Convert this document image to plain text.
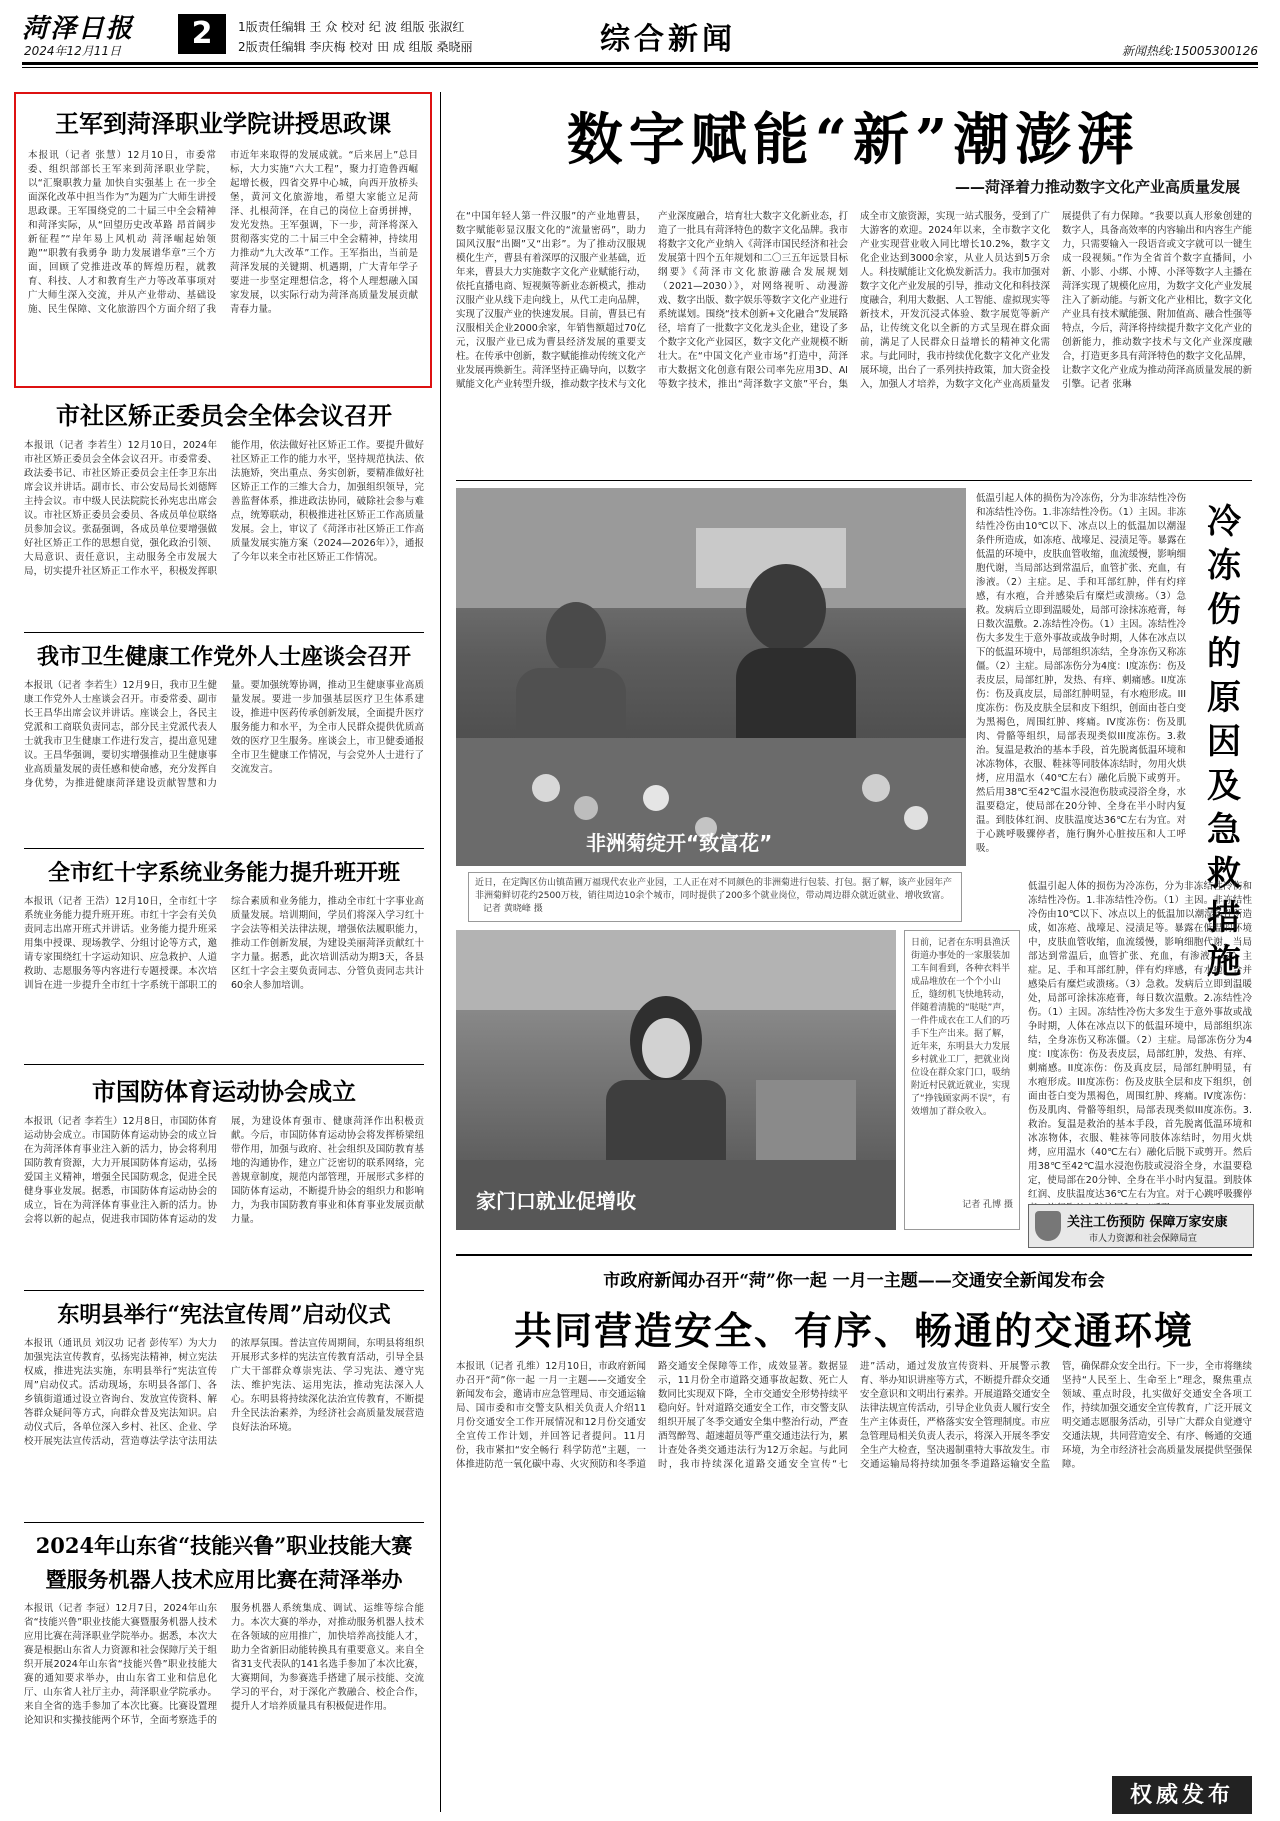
菏泽日报
2024年12月11日	2	1版责任编辑 王 众 校对 纪 波 组版 张淑红
2版责任编辑 李庆梅 校对 田 成 组版 桑晓丽	综合新闻	新闻热线:15005300126
王军到菏泽职业学院讲授思政课
本报讯（记者 张慧）12月10日，市委常委、组织部部长王军来到菏泽职业学院，以“汇聚职教力量 加快自实强基上 在一步全面深化改革中担当作为”为题为广大师生讲授思政课。王军围绕党的二十届三中全会精神和菏泽实际，从“回望历史改革路 昂首阔步新征程”“岸年易上风机动 菏泽崛起始领跑”“职教有我勇争 助力发展谱华章”三个方面，回顾了党推进改革的辉煌历程，就教育、科技、人才和教育生产力等改革事项对广大师生深入交流，并从产业带动、基础设施、民生保障、文化旅游四个方面介绍了我市近年来取得的发展成就。“后来居上”总目标，大力实施“六大工程”，聚力打造鲁西崛起增长极，四省交界中心城，向西开放桥头堡，黄河文化旅游地，希望大家能立足菏泽、扎根菏泽，在自己的岗位上奋勇拼搏，发光发热。王军强调，下一步，菏泽将深入贯彻落实党的二十届三中全会精神，持续用力推动“九大改革”工作。王军指出，当前是菏泽发展的关键期、机遇期，广大青年学子要进一步坚定理想信念，将个人理想融入国家发展，以实际行动为菏泽高质量发展贡献青春力量。
市社区矫正委员会全体会议召开
本报讯（记者 李若生）12月10日，2024年市社区矫正委员会全体会议召开。市委常委、政法委书记、市社区矫正委员会主任李卫东出席会议并讲话。副市长、市公安局局长刘德辉主持会议。市中级人民法院院长孙宪忠出席会议。市社区矫正委员会委员、各成员单位联络员参加会议。张磊强调，各成员单位要增强做好社区矫正工作的思想自觉，强化政治引领、大局意识、责任意识，主动服务全市发展大局，切实提升社区矫正工作水平，积极发挥职能作用，依法做好社区矫正工作。要提升做好社区矫正工作的能力水平，坚持规范执法、依法施矫，突出重点、务实创新，要精准做好社区矫正工作的三维大合力，加强组织领导，完善监督体系，推进政法协同，破除社会参与难点，统筹联动，积极推进社区矫正工作高质量发展。会上，审议了《菏泽市社区矫正工作高质量发展实施方案（2024—2026年）》，通报了今年以来全市社区矫正工作情况。
我市卫生健康工作党外人士座谈会召开
本报讯（记者 李若生）12月9日，我市卫生健康工作党外人士座谈会召开。市委常委、副市长王昌华出席会议并讲话。座谈会上，各民主党派和工商联负责同志，部分民主党派代表人士就我市卫生健康工作进行发言，提出意见建议。王昌华强调，要切实增强推动卫生健康事业高质量发展的责任感和使命感，充分发挥自身优势，为推进健康菏泽建设贡献智慧和力量。要加强统筹协调，推动卫生健康事业高质量发展。要进一步加强基层医疗卫生体系建设，推进中医药传承创新发展，全面提升医疗服务能力和水平，为全市人民群众提供优质高效的医疗卫生服务。座谈会上，市卫健委通报全市卫生健康工作情况，与会党外人士进行了交流发言。
全市红十字系统业务能力提升班开班
本报讯（记者 王浩）12月10日，全市红十字系统业务能力提升班开班。市红十字会有关负责同志出席开班式并讲话。业务能力提升班采用集中授课、现场教学、分组讨论等方式，邀请专家围绕红十字运动知识、应急救护、人道救助、志愿服务等内容进行专题授课。本次培训旨在进一步提升全市红十字系统干部职工的综合素质和业务能力，推动全市红十字事业高质量发展。培训期间，学员们将深入学习红十字会法等相关法律法规，增强依法履职能力，推动工作创新发展，为建设美丽菏泽贡献红十字力量。据悉，此次培训活动为期3天，各县区红十字会主要负责同志、分管负责同志共计60余人参加培训。
市国防体育运动协会成立
本报讯（记者 李若生）12月8日，市国防体育运动协会成立。市国防体育运动协会的成立旨在为菏泽体育事业注入新的活力，协会将利用国防教育资源，大力开展国防体育运动，弘扬爱国主义精神，增强全民国防观念，促进全民健身事业发展。据悉，市国防体育运动协会的成立，旨在为菏泽体育事业注入新的活力。协会将以新的起点，促进我市国防体育运动的发展，为建设体育强市、健康菏泽作出积极贡献。今后，市国防体育运动协会将发挥桥梁纽带作用，加强与政府、社会组织及国防教育基地的沟通协作，建立广泛密切的联系网络，完善规章制度，规范内部管理，开展形式多样的国防体育运动，不断提升协会的组织力和影响力，为我市国防教育事业和体育事业发展贡献力量。
东明县举行“宪法宣传周”启动仪式
本报讯（通讯员 刘汉功 记者 彭传军）为大力加强宪法宣传教育，弘扬宪法精神，树立宪法权威，推进宪法实施，东明县举行“宪法宣传周”启动仪式。活动现场，东明县各部门、各乡镇街道通过设立咨询台、发放宣传资料、解答群众疑问等方式，向群众普及宪法知识。启动仪式后，各单位深入乡村、社区、企业、学校开展宪法宣传活动，营造尊法学法守法用法的浓厚氛围。普法宣传周期间，东明县将组织开展形式多样的宪法宣传教育活动，引导全县广大干部群众尊崇宪法、学习宪法、遵守宪法、维护宪法、运用宪法，推动宪法深入人心。东明县将持续深化法治宣传教育，不断提升全民法治素养，为经济社会高质量发展营造良好法治环境。
2024年山东省“技能兴鲁”职业技能大赛
暨服务机器人技术应用比赛在菏泽举办
本报讯（记者 李冠）12月7日，2024年山东省“技能兴鲁”职业技能大赛暨服务机器人技术应用比赛在菏泽职业学院举办。据悉，本次大赛是根据山东省人力资源和社会保障厅关于组织开展2024年山东省“技能兴鲁”职业技能大赛的通知要求举办，由山东省工业和信息化厅、山东省人社厅主办，菏泽职业学院承办。来自全省的选手参加了本次比赛。比赛设置理论知识和实操技能两个环节，全面考察选手的服务机器人系统集成、调试、运维等综合能力。本次大赛的举办，对推动服务机器人技术在各领域的应用推广，加快培养高技能人才，助力全省新旧动能转换具有重要意义。来自全省31支代表队的141名选手参加了本次比赛，大赛期间，为参赛选手搭建了展示技能、交流学习的平台，对于深化产教融合、校企合作，提升人才培养质量具有积极促进作用。
数字赋能“新”潮澎湃
——菏泽着力推动数字文化产业高质量发展
在“中国年轻人第一件汉服”的产业地曹县，数字赋能彰显汉服文化的“流量密码”，助力国风汉服“出圈”又“出彩”。为了推动汉服规模化生产，曹县有着深厚的汉服产业基础，近年来，曹县大力实施数字文化产业赋能行动，依托直播电商、短视频等新业态新模式，推动汉服产业从线下走向线上，从代工走向品牌，实现了汉服产业的快速发展。目前，曹县已有汉服相关企业2000余家，年销售额超过70亿元，汉服产业已成为曹县经济发展的重要支柱。在传承中创新，数字赋能推动传统文化产业发展再焕新生。菏泽坚持正确导向，以数字赋能文化产业转型升级，推动数字技术与文化产业深度融合，培育壮大数字文化新业态，打造了一批具有菏泽特色的数字文化品牌。我市将数字文化产业纳入《菏泽市国民经济和社会发展第十四个五年规划和二〇三五年远景目标纲要》《菏泽市文化旅游融合发展规划（2021—2030）》，对网络视听、动漫游戏、数字出版、数字娱乐等数字文化产业进行系统谋划。围绕“技术创新+文化融合”发展路径，培育了一批数字文化龙头企业，建设了多个数字文化产业园区，数字文化产业规模不断壮大。在“中国文化产业市场”打造中，菏泽市大数据文化创意有限公司率先应用3D、AI等数字技术，推出“菏泽数字文旅”平台，集成全市文旅资源，实现一站式服务，受到了广大游客的欢迎。2024年以来，全市数字文化产业实现营业收入同比增长10.2%，数字文化企业达到3000余家，从业人员达到5万余人。科技赋能让文化焕发新活力。我市加强对数字文化产业发展的引导，推动文化和科技深度融合，利用大数据、人工智能、虚拟现实等新技术，开发沉浸式体验、数字展览等新产品，让传统文化以全新的方式呈现在群众面前，满足了人民群众日益增长的精神文化需求。与此同时，我市持续优化数字文化产业发展环境，出台了一系列扶持政策，加大资金投入，加强人才培养，为数字文化产业高质量发展提供了有力保障。“我要以真人形象创建的数字人，具备高效率的内容输出和内容生产能力，只需要输入一段语音或文字就可以一键生成一段视频。”作为全省首个数字直播间，小新、小影、小绑、小博、小泽等数字人主播在菏泽实现了规模化应用，为数字文化产业发展注入了新动能。与新文化产业相比，数字文化产业具有技术赋能强、附加值高、融合性强等特点，今后，菏泽将持续提升数字文化产业的创新能力，推动数字技术与文化产业深度融合，打造更多具有菏泽特色的数字文化品牌，让数字文化产业成为推动菏泽高质量发展的新引擎。记者 张琳
非洲菊绽开“致富花”
近日，在定陶区仿山镇苗圃万福现代农业产业园，工人正在对不同颜色的非洲菊进行包装、打包。据了解，该产业园年产非洲菊鲜切花约2500万枝，销往周边10余个城市，同时提供了200多个就业岗位，带动周边群众就近就业、增收致富。 记者 黄晓峰 摄
家门口就业促增收
日前，记者在东明县渔沃街道办事处的一家服装加工车间看到，各种衣料半成品堆放在一个个小山丘，缝纫机飞快地转动，伴随着清脆的“哒哒”声，一件件成衣在工人们的巧手下生产出来。据了解，近年来，东明县大力发展乡村就业工厂，把就业岗位设在群众家门口，吸纳附近村民就近就业，实现了“挣钱顾家两不误”，有效增加了群众收入。
记者 孔博 摄
冷冻伤的原因及急救措施
低温引起人体的损伤为冷冻伤，分为非冻结性冷伤和冻结性冷伤。1.非冻结性冷伤。（1）主因。非冻结性冷伤由10℃以下、冰点以上的低温加以潮湿条件所造成，如冻疮、战壕足、浸渍足等。暴露在低温的环境中，皮肤血管收缩，血流缓慢，影响细胞代谢，当局部达到常温后，血管扩张、充血，有渗液。（2）主症。足、手和耳部红肿，伴有灼痒感，有水疱，合并感染后有糜烂或溃疡。（3）急救。发病后立即到温暖处，局部可涂抹冻疮膏，每日数次温敷。2.冻结性冷伤。（1）主因。冻结性冷伤大多发生于意外事故或战争时期，人体在冰点以下的低温环境中，局部组织冻结，全身冻伤又称冻僵。（2）主症。局部冻伤分为4度：I度冻伤：伤及表皮层，局部红肿，发热、有痒、刺痛感。II度冻伤：伤及真皮层，局部红肿明显，有水疱形成。III度冻伤：伤及皮肤全层和皮下组织，创面由苍白变为黑褐色，周围红肿、疼痛。IV度冻伤：伤及肌肉、骨骼等组织，局部表现类似III度冻伤。3.救治。复温是救治的基本手段，首先脱离低温环境和冰冻物体，衣服、鞋袜等同肢体冻结时，勿用火烘烤，应用温水（40℃左右）融化后脱下或剪开。然后用38℃至42℃温水浸泡伤肢或浸浴全身，水温要稳定，使局部在20分钟、全身在半小时内复温。到肢体红润、皮肤温度达36℃左右为宜。对于心跳呼吸骤停者，施行胸外心脏按压和人工呼吸。
低温引起人体的损伤为冷冻伤，分为非冻结性冷伤和冻结性冷伤。1.非冻结性冷伤。（1）主因。非冻结性冷伤由10℃以下、冰点以上的低温加以潮湿条件所造成，如冻疮、战壕足、浸渍足等。暴露在低温的环境中，皮肤血管收缩，血流缓慢，影响细胞代谢，当局部达到常温后，血管扩张、充血，有渗液。（2）主症。足、手和耳部红肿，伴有灼痒感，有水疱，合并感染后有糜烂或溃疡。（3）急救。发病后立即到温暖处，局部可涂抹冻疮膏，每日数次温敷。2.冻结性冷伤。（1）主因。冻结性冷伤大多发生于意外事故或战争时期，人体在冰点以下的低温环境中，局部组织冻结，全身冻伤又称冻僵。（2）主症。局部冻伤分为4度：I度冻伤：伤及表皮层，局部红肿，发热、有痒、刺痛感。II度冻伤：伤及真皮层，局部红肿明显，有水疱形成。III度冻伤：伤及皮肤全层和皮下组织，创面由苍白变为黑褐色，周围红肿、疼痛。IV度冻伤：伤及肌肉、骨骼等组织，局部表现类似III度冻伤。3.救治。复温是救治的基本手段，首先脱离低温环境和冰冻物体，衣服、鞋袜等同肢体冻结时，勿用火烘烤，应用温水（40℃左右）融化后脱下或剪开。然后用38℃至42℃温水浸泡伤肢或浸浴全身，水温要稳定，使局部在20分钟、全身在半小时内复温。到肢体红润、皮肤温度达36℃左右为宜。对于心跳呼吸骤停
关注工伤预防 保障万家安康
市人力资源和社会保障局宣
市政府新闻办召开“菏”你一起 一月一主题——交通安全新闻发布会
共同营造安全、有序、畅通的交通环境
本报讯（记者 孔维）12月10日，市政府新闻办召开“菏”你一起 一月一主题——交通安全新闻发布会，邀请市应急管理局、市交通运输局、国市委和市交警支队相关负责人介绍11月份交通安全工作开展情况和12月份交通安全宣传工作计划，并回答记者提问。11月份，我市紧扣“安全畅行 科学防范”主题，一体推进防范一氧化碳中毒、火灾预防和冬季道路交通安全保障等工作，成效显著。数据显示，11月份全市道路交通事故起数、死亡人数同比实现双下降，全市交通安全形势持续平稳向好。针对道路交通安全工作，市交警支队组织开展了冬季交通安全集中整治行动，严查酒驾醉驾、超速超员等严重交通违法行为，累计查处各类交通违法行为12万余起。与此同时，我市持续深化道路交通安全宣传“七进”活动，通过发放宣传资料、开展警示教育、举办知识讲座等方式，不断提升群众交通安全意识和文明出行素养。开展道路交通安全法律法规宣传活动，引导企业负责人履行安全生产主体责任，严格落实安全管理制度。市应急管理局相关负责人表示，将深入开展冬季安全生产大检查，坚决遏制重特大事故发生。市交通运输局将持续加强冬季道路运输安全监管，确保群众安全出行。下一步，全市将继续坚持“人民至上、生命至上”理念，聚焦重点领域、重点时段，扎实做好交通安全各项工作，持续加强交通安全宣传教育，广泛开展文明交通志愿服务活动，引导广大群众自觉遵守交通法规，共同营造安全、有序、畅通的交通环境，为全市经济社会高质量发展提供坚强保障。
权威发布
